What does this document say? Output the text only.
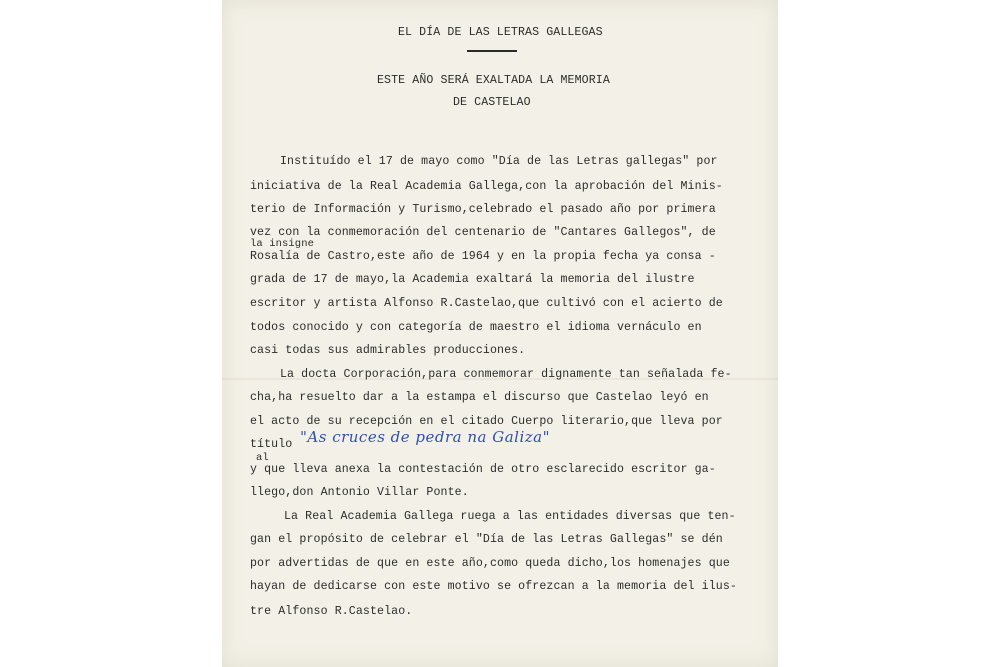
EL DÍA DE LAS LETRAS GALLEGAS
ESTE AÑO SERÁ EXALTADA LA MEMORIA
DE CASTELAO
Instituído el 17 de mayo como "Día de las Letras gallegas" por
iniciativa de la Real Academia Gallega,con la aprobación del Minis-
terio de Información y Turismo,celebrado el pasado año por primera
vez con la conmemoración del centenario de "Cantares Gallegos", de
la insigne
Rosalía de Castro,este año de 1964 y en la propia fecha ya consa -
grada de 17 de mayo,la Academia exaltará la memoria del ilustre
escritor y artista Alfonso R.Castelao,que cultivó con el acierto de
todos conocido y con categoría de maestro el idioma vernáculo en
casi todas sus admirables producciones.
La docta Corporación,para conmemorar dignamente tan señalada fe-
cha,ha resuelto dar a la estampa el discurso que Castelao leyó en
el acto de su recepción en el citado Cuerpo literario,que lleva por
título "As cruces de pedra na Galiza"
al
y que lleva anexa la contestación de otro esclarecido escritor ga-
llego,don Antonio Villar Ponte.
La Real Academia Gallega ruega a las entidades diversas que ten-
gan el propósito de celebrar el "Día de las Letras Gallegas" se dén
por advertidas de que en este año,como queda dicho,los homenajes que
hayan de dedicarse con este motivo se ofrezcan a la memoria del ilus-
tre Alfonso R.Castelao.
